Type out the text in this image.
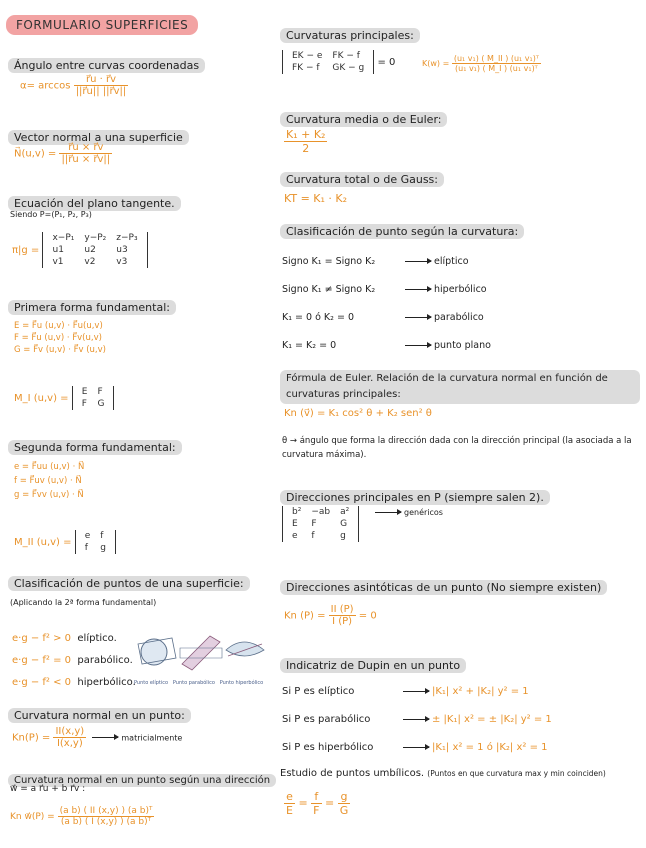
FORMULARIO SUPERFICIES
Ángulo entre curvas coordenadas
$\alpha= \arccos \frac{r⃗u \cdot r⃗v}{||r⃗u|| ||r⃗v||}$
Vector normal a una superficie
N⃗(u,v) = $\frac{r⃗u \times r⃗v}{||r⃗u \times r⃗v||}$
Ecuación del plano tangente.
Siendo P=(P₁, P₂, P₃)
π|g = x−P₁	y−P₂	z−P₃
u1	u2	u3
v1	v2	v3
Primera forma fundamental:
E = F⃗u (u,v) · F⃗u(u,v)
F = F⃗u (u,v) · F⃗v(u,v)
G = F⃗v (u,v) · F⃗v (u,v)
M_I (u,v) = E	F
F	G
Segunda forma fundamental:
e = F⃗uu (u,v) · N⃗
f = F⃗uv (u,v) · N⃗
g = F⃗vv (u,v) · N⃗
M_II (u,v) = e	f
f	g
Clasificación de puntos de una superficie:
(Aplicando la 2ª forma fundamental)
e·g − f² > 0 elíptico.
e·g − f² = 0 parabólico.
e·g − f² < 0 hiperbólico.
Punto elíptico Punto parabólico Punto hiperbólico
Curvatura normal en un punto:
$Kn(P) = \frac{II(x,y)}{I(x,y)}$	matricialmente
Curvatura normal en un punto según una dirección
w⃗ = a r⃗u + b r⃗v :
Kn w⃗(P) = $\frac{\text{(a b) ( II (x,y) ) (a b)ᵀ}}{\text{(a b) ( I (x,y) ) (a b)ᵀ}}$
Curvaturas principales:
EK − e	FK − f
FK − f	GK − g = 0	$K(w) = \frac{\text{(u₁ v₁) ( M\_II ) (u₁ v₁)ᵀ}}{\text{(u₁ v₁) ( M\_I ) (u₁ v₁)ᵀ}}$
Curvatura media o de Euler:
$\frac{\text{K₁ + K₂}}{2}$
Curvatura total o de Gauss:
KT = K₁ · K₂
Clasificación de punto según la curvatura:
Signo K₁ = Signo K₂	elíptico
Signo K₁ ≠ Signo K₂	hiperbólico
K₁ = 0 ó K₂ = 0	parabólico
K₁ = K₂ = 0	punto plano
Fórmula de Euler. Relación de la curvatura normal en función de curvaturas principales:
Kn (v⃗) = K₁ cos² θ + K₂ sen² θ
θ → ángulo que forma la dirección dada con la dirección principal (la asociada a la curvatura máxima).
Direcciones principales en P (siempre salen 2).
b²	−ab	a²
E	F	G
e	f	g
genéricos
Direcciones asintóticas de un punto (No siempre existen)
Kn $(P) = \frac{II (P)}{I (P)} = 0$
Indicatriz de Dupin en un punto
Si P es elíptico	|K₁| x² + |K₂| y² = 1
Si P es parabólico	± |K₁| x² = ± |K₂| y² = 1
Si P es hiperbólico	|K₁| x² = 1 ó |K₂| x² = 1
Estudio de puntos umbílicos. (Puntos en que curvatura max y min coinciden)
$\frac{e}{E} = \frac{f}{F} = \frac{g}{G}$
